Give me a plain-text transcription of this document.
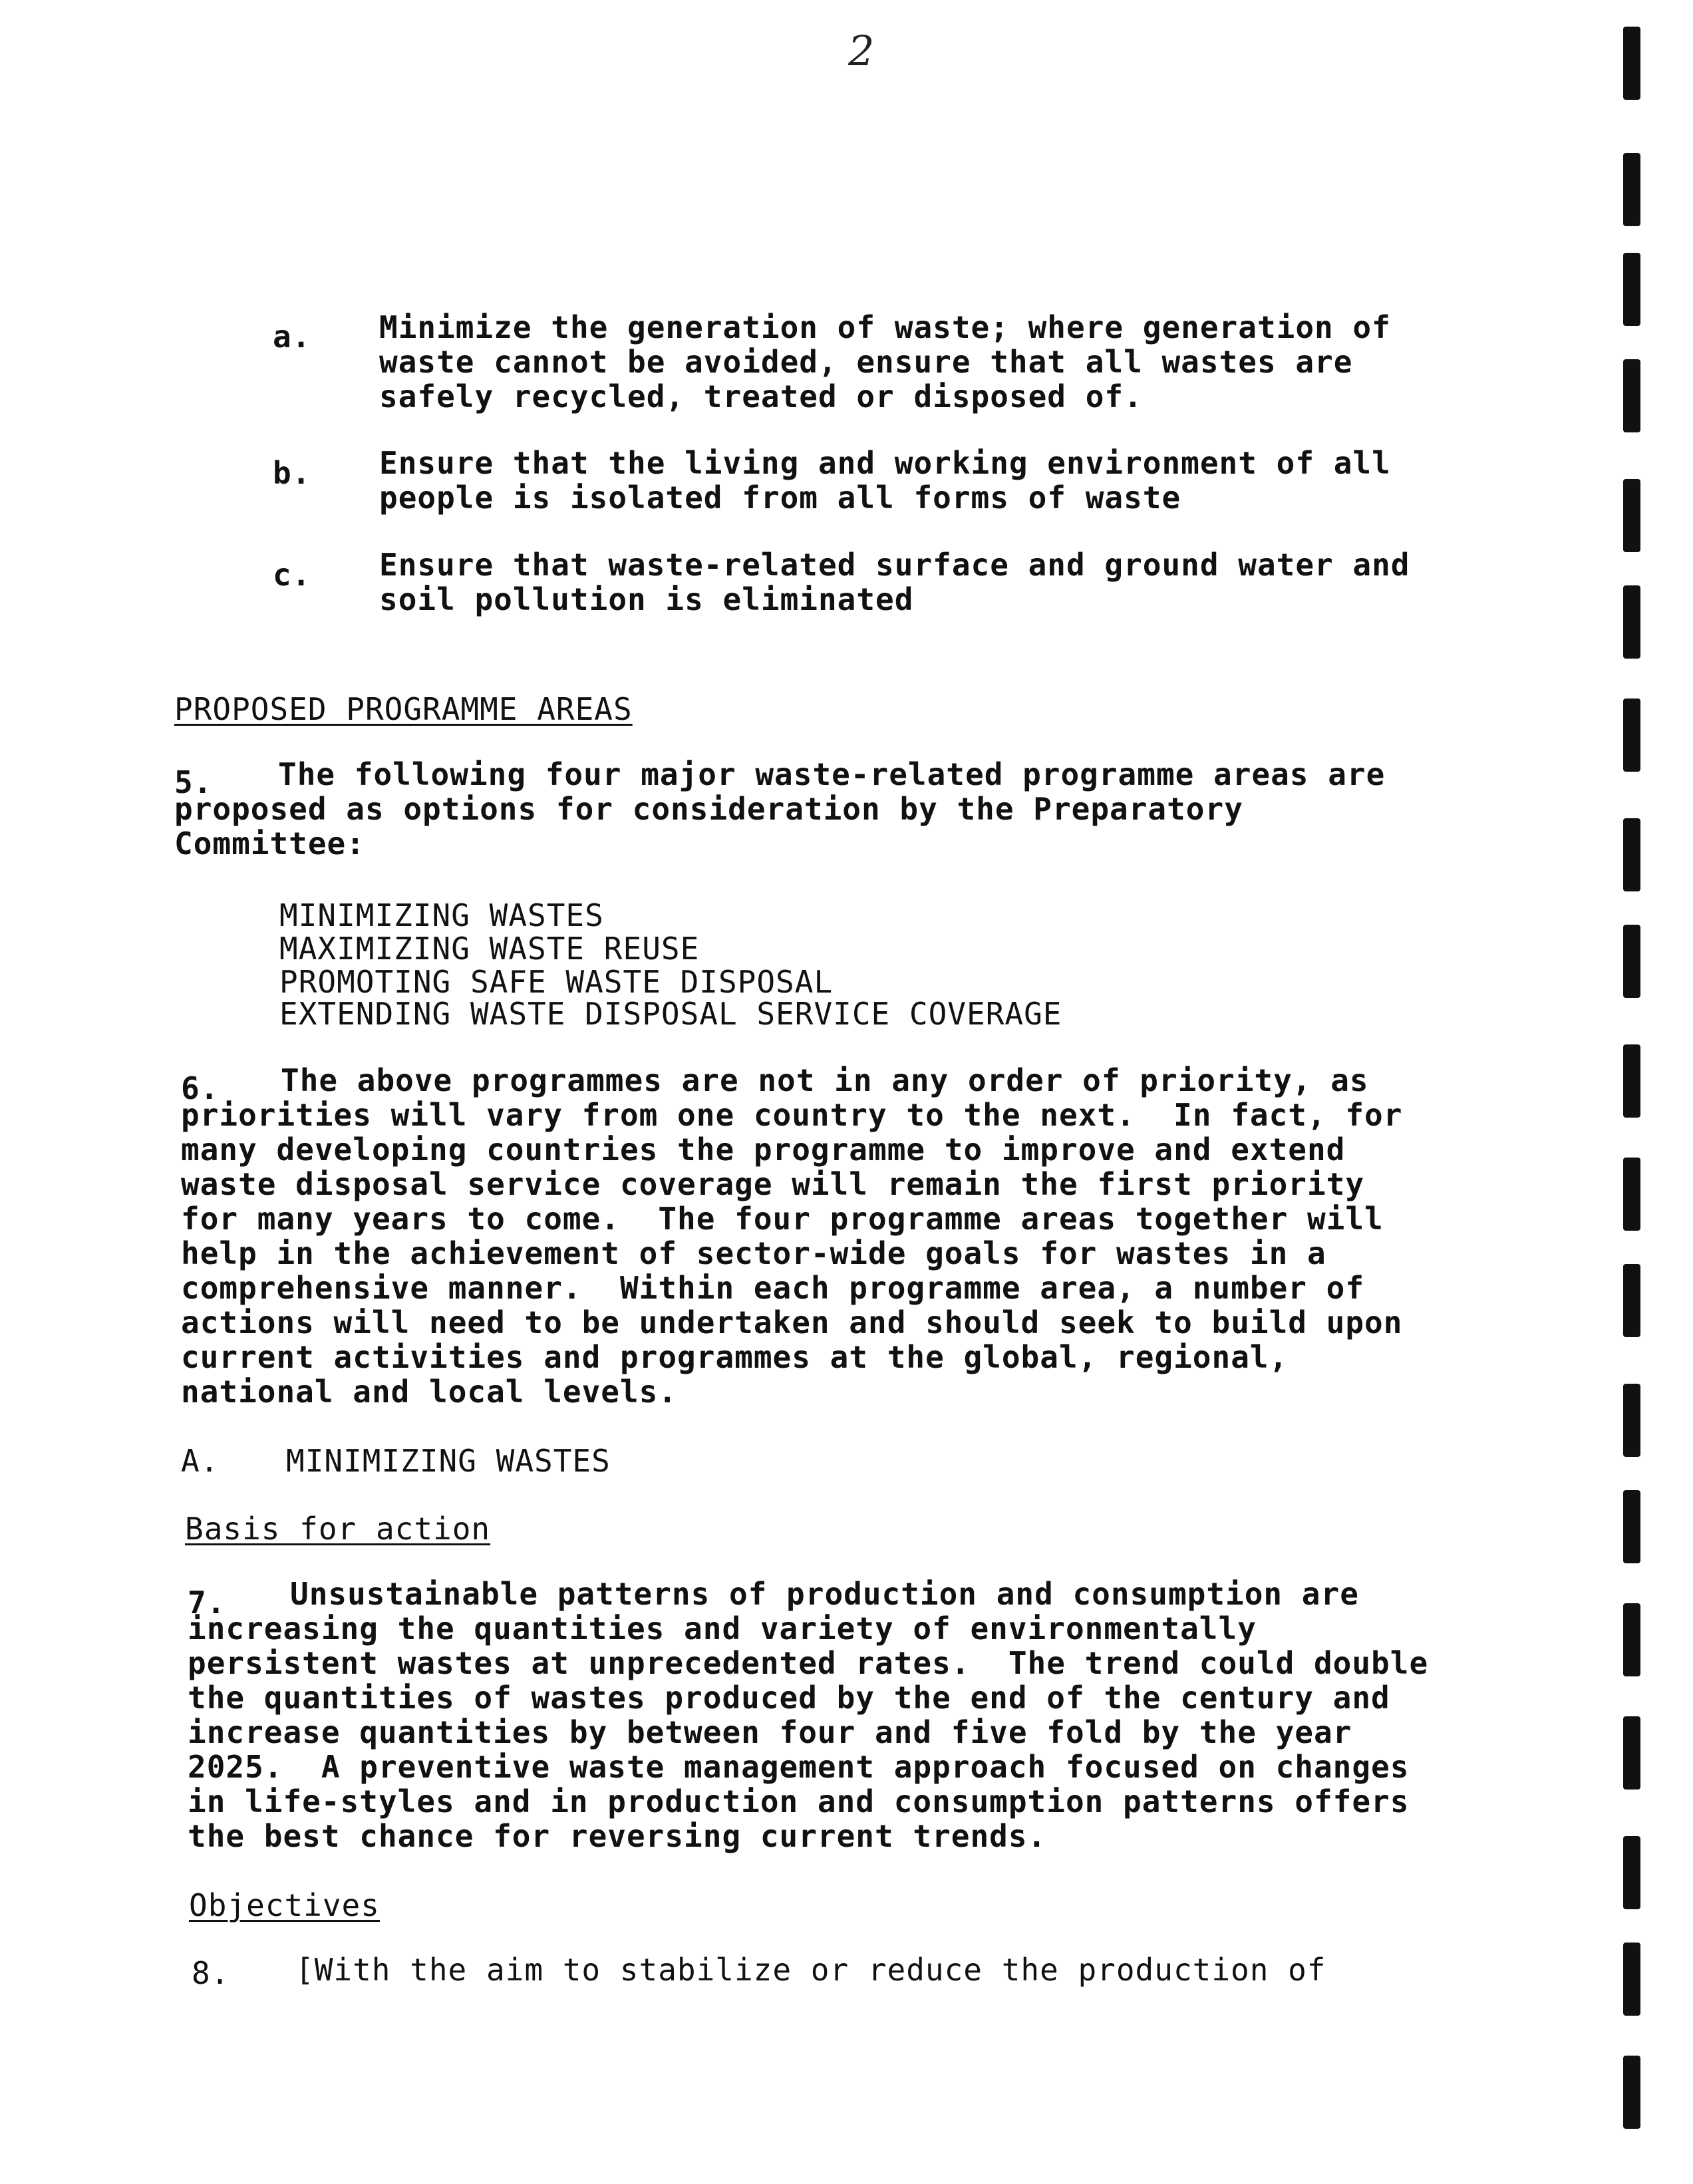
2
a. Minimize the generation of waste; where generation of
waste cannot be avoided, ensure that all wastes are
safely recycled, treated or disposed of.
b. Ensure that the living and working environment of all
people is isolated from all forms of waste
c. Ensure that waste-related surface and ground water and
soil pollution is eliminated
PROPOSED PROGRAMME AREAS
5. The following four major waste-related programme areas are
proposed as options for consideration by the Preparatory
Committee:
MINIMIZING WASTES
MAXIMIZING WASTE REUSE
PROMOTING SAFE WASTE DISPOSAL
EXTENDING WASTE DISPOSAL SERVICE COVERAGE
6. The above programmes are not in any order of priority, as
priorities will vary from one country to the next.  In fact, for
many developing countries the programme to improve and extend
waste disposal service coverage will remain the first priority
for many years to come.  The four programme areas together will
help in the achievement of sector-wide goals for wastes in a
comprehensive manner.  Within each programme area, a number of
actions will need to be undertaken and should seek to build upon
current activities and programmes at the global, regional,
national and local levels.
A. MINIMIZING WASTES
Basis for action
7. Unsustainable patterns of production and consumption are
increasing the quantities and variety of environmentally
persistent wastes at unprecedented rates.  The trend could double
the quantities of wastes produced by the end of the century and
increase quantities by between four and five fold by the year
2025.  A preventive waste management approach focused on changes
in life-styles and in production and consumption patterns offers
the best chance for reversing current trends.
Objectives
8. [With the aim to stabilize or reduce the production of
